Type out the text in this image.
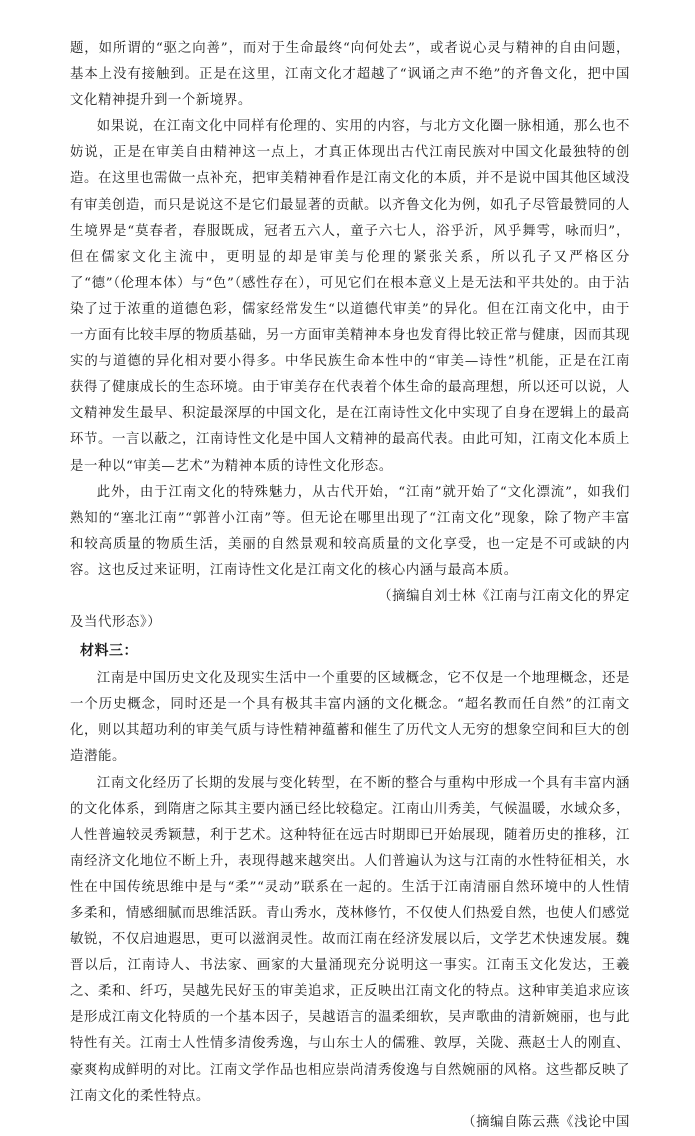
题，如所谓的“驱之向善”，而对于生命最终“向何处去”，或者说心灵与精神的自由问题，基本上没有接触到。正是在这里，江南文化才超越了“讽诵之声不绝”的齐鲁文化，把中国文化精神提升到一个新境界。

如果说，在江南文化中同样有伦理的、实用的内容，与北方文化圈一脉相通，那么也不妨说，正是在审美自由精神这一点上，才真正体现出古代江南民族对中国文化最独特的创造。在这里也需做一点补充，把审美精神看作是江南文化的本质，并不是说中国其他区域没有审美创造，而只是说这不是它们最显著的贡献。以齐鲁文化为例，如孔子尽管最赞同的人生境界是“莫春者，春服既成，冠者五六人，童子六七人，浴乎沂，风乎舞雩，咏而归”，但在儒家文化主流中，更明显的却是审美与伦理的紧张关系，所以孔子又严格区分了“德”（伦理本体）与“色”（感性存在），可见它们在根本意义上是无法和平共处的。由于沾染了过于浓重的道德色彩，儒家经常发生“以道德代审美”的异化。但在江南文化中，由于一方面有比较丰厚的物质基础，另一方面审美精神本身也发育得比较正常与健康，因而其现实的与道德的异化相对要小得多。中华民族生命本性中的“审美—诗性”机能，正是在江南获得了健康成长的生态环境。由于审美存在代表着个体生命的最高理想，所以还可以说，人文精神发生最早、积淀最深厚的中国文化，是在江南诗性文化中实现了自身在逻辑上的最高环节。一言以蔽之，江南诗性文化是中国人文精神的最高代表。由此可知，江南文化本质上是一种以“审美—艺术”为精神本质的诗性文化形态。

此外，由于江南文化的特殊魅力，从古代开始，“江南”就开始了“文化漂流”，如我们熟知的“塞北江南”“郭普小江南”等。但无论在哪里出现了“江南文化”现象，除了物产丰富和较高质量的物质生活，美丽的自然景观和较高质量的文化享受，也一定是不可或缺的内容。这也反过来证明，江南诗性文化是江南文化的核心内涵与最高本质。

（摘编自刘士林《江南与江南文化的界定

及当代形态》）

材料三：

江南是中国历史文化及现实生活中一个重要的区域概念，它不仅是一个地理概念，还是一个历史概念，同时还是一个具有极其丰富内涵的文化概念。“超名教而任自然”的江南文化，则以其超功利的审美气质与诗性精神蕴蓄和催生了历代文人无穷的想象空间和巨大的创造潜能。

江南文化经历了长期的发展与变化转型，在不断的整合与重构中形成一个具有丰富内涵的文化体系，到隋唐之际其主要内涵已经比较稳定。江南山川秀美，气候温暖，水域众多，人性普遍较灵秀颖慧，利于艺术。这种特征在远古时期即已开始展现，随着历史的推移，江南经济文化地位不断上升，表现得越来越突出。人们普遍认为这与江南的水性特征相关，水性在中国传统思维中是与“柔”“灵动”联系在一起的。生活于江南清丽自然环境中的人性情多柔和，情感细腻而思维活跃。青山秀水，茂林修竹，不仅使人们热爱自然，也使人们感觉敏锐，不仅启迪遐思，更可以滋润灵性。故而江南在经济发展以后，文学艺术快速发展。魏晋以后，江南诗人、书法家、画家的大量涌现充分说明这一事实。江南玉文化发达，王羲之、柔和、纤巧，吴越先民好玉的审美追求，正反映出江南文化的特点。这种审美追求应该是形成江南文化特质的一个基本因子，吴越语言的温柔细软，吴声歌曲的清新婉丽，也与此特性有关。江南士人性情多清俊秀逸，与山东士人的儒雅、敦厚，关陇、燕赵士人的刚直、豪爽构成鲜明的对比。江南文学作品也相应崇尚清秀俊逸与自然婉丽的风格。这些都反映了江南文化的柔性特点。

（摘编自陈云燕《浅论中国
